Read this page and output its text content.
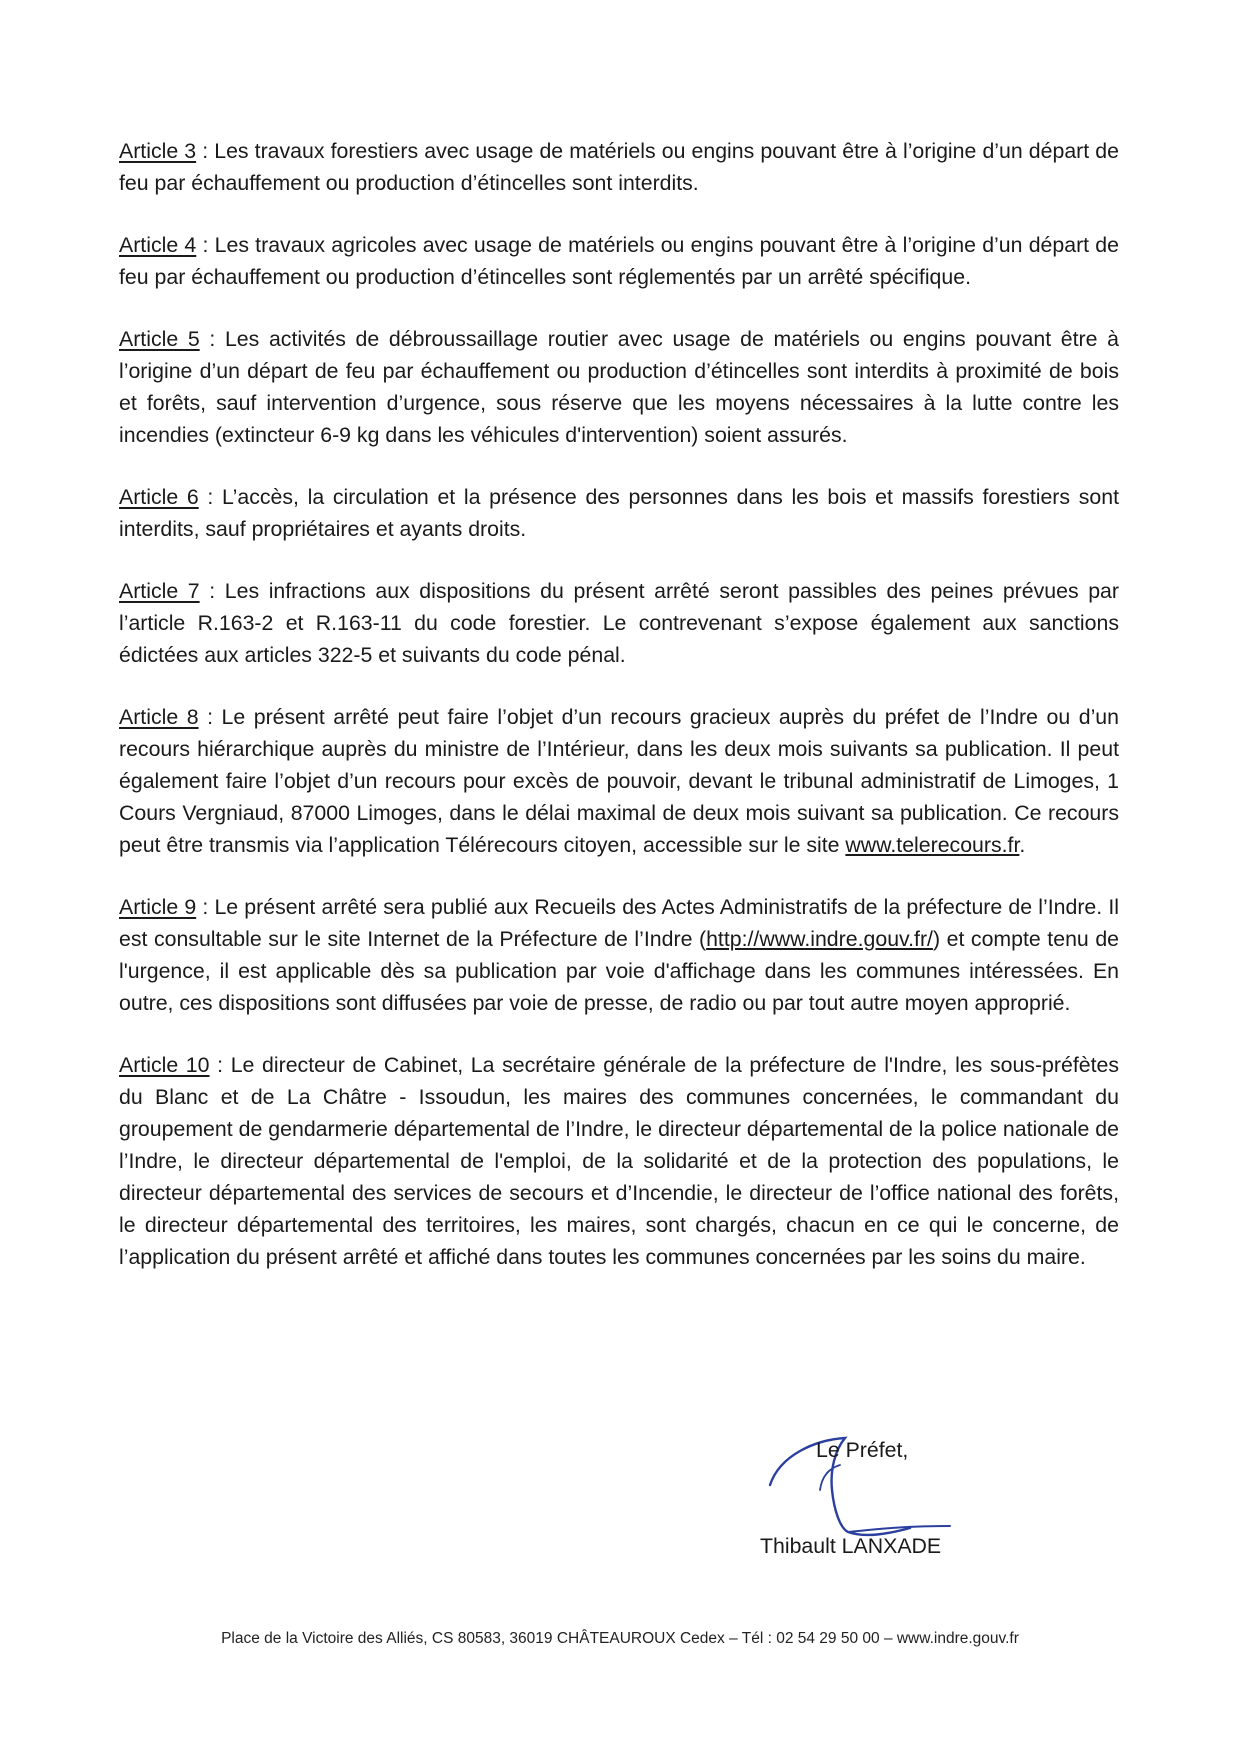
Article 3 : Les travaux forestiers avec usage de matériels ou engins pouvant être à l’origine d’un départ de feu par échauffement ou production d’étincelles sont interdits.

Article 4 : Les travaux agricoles avec usage de matériels ou engins pouvant être à l’origine d’un départ de feu par échauffement ou production d’étincelles sont réglementés par un arrêté spécifique.

Article 5 : Les activités de débroussaillage routier avec usage de matériels ou engins pouvant être à l’origine d’un départ de feu par échauffement ou production d’étincelles sont interdits à proximité de bois et forêts, sauf intervention d’urgence, sous réserve que les moyens nécessaires à la lutte contre les incendies (extincteur 6-9 kg dans les véhicules d'intervention) soient assurés.

Article 6 : L’accès, la circulation et la présence des personnes dans les bois et massifs forestiers sont interdits, sauf propriétaires et ayants droits.

Article 7 : Les infractions aux dispositions du présent arrêté seront passibles des peines prévues par l’article R.163-2 et R.163-11 du code forestier. Le contrevenant s’expose également aux sanctions édictées aux articles 322-5 et suivants du code pénal.

Article 8 : Le présent arrêté peut faire l’objet d’un recours gracieux auprès du préfet de l’Indre ou d’un recours hiérarchique auprès du ministre de l’Intérieur, dans les deux mois suivants sa publication. Il peut également faire l’objet d’un recours pour excès de pouvoir, devant le tribunal administratif de Limoges, 1 Cours Vergniaud, 87000 Limoges, dans le délai maximal de deux mois suivant sa publication. Ce recours peut être transmis via l’application Télérecours citoyen, accessible sur le site www.telerecours.fr.

Article 9 : Le présent arrêté sera publié aux Recueils des Actes Administratifs de la préfecture de l’Indre. Il est consultable sur le site Internet de la Préfecture de l’Indre (http://www.indre.gouv.fr/) et compte tenu de l'urgence, il est applicable dès sa publication par voie d'affichage dans les communes intéressées. En outre, ces dispositions sont diffusées par voie de presse, de radio ou par tout autre moyen approprié.

Article 10 : Le directeur de Cabinet, La secrétaire générale de la préfecture de l'Indre, les sous-préfètes du Blanc et de La Châtre - Issoudun, les maires des communes concernées, le commandant du groupement de gendarmerie départemental de l’Indre, le directeur départemental de la police nationale de l’Indre, le directeur départemental de l'emploi, de la solidarité et de la protection des populations, le directeur départemental des services de secours et d’Incendie, le directeur de l’office national des forêts, le directeur départemental des territoires, les maires, sont chargés, chacun en ce qui le concerne, de l’application du présent arrêté et affiché dans toutes les communes concernées par les soins du maire.

Le Préfet,
Thibault LANXADE
Place de la Victoire des Alliés, CS 80583, 36019 CHÂTEAUROUX Cedex – Tél : 02 54 29 50 00 – www.indre.gouv.fr
